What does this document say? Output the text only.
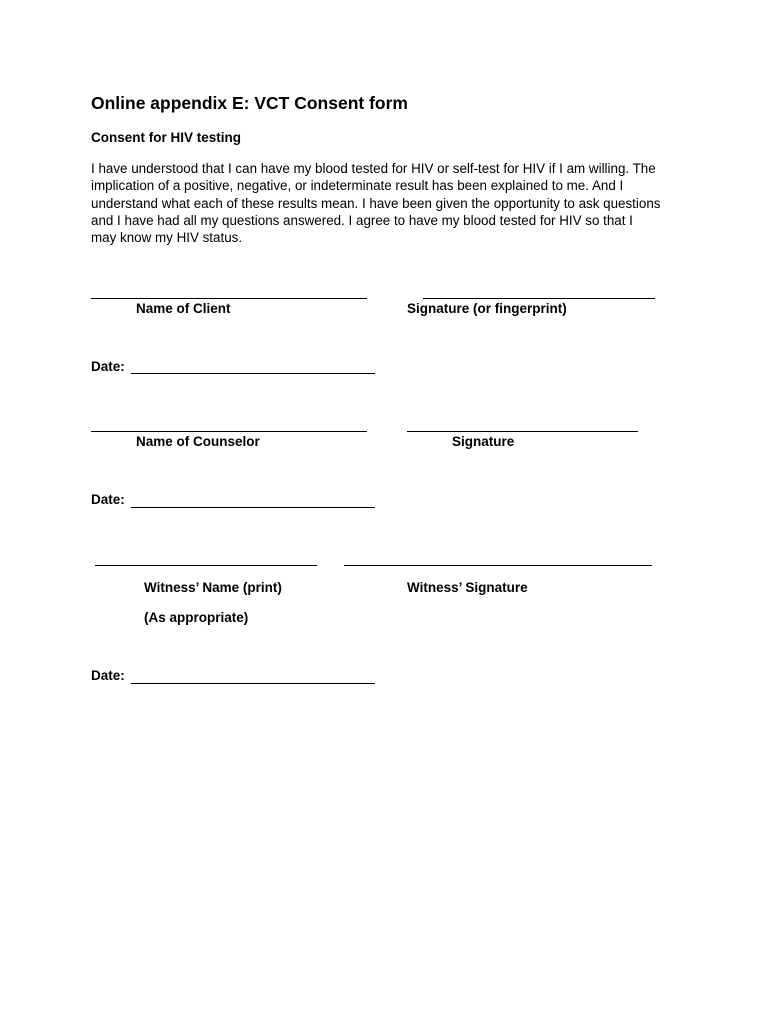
Online appendix E: VCT Consent form
Consent for HIV testing
I have understood that I can have my blood tested for HIV or self-test for HIV if I am willing. The
implication of a positive, negative, or indeterminate result has been explained to me. And I
understand what each of these results mean. I have been given the opportunity to ask questions
and I have had all my questions answered. I agree to have my blood tested for HIV so that I
may know my HIV status.
Name of Client	Signature (or fingerprint)
Date:
Name of Counselor	Signature
Date:
Witness’ Name (print)	Witness’ Signature
(As appropriate)
Date:
